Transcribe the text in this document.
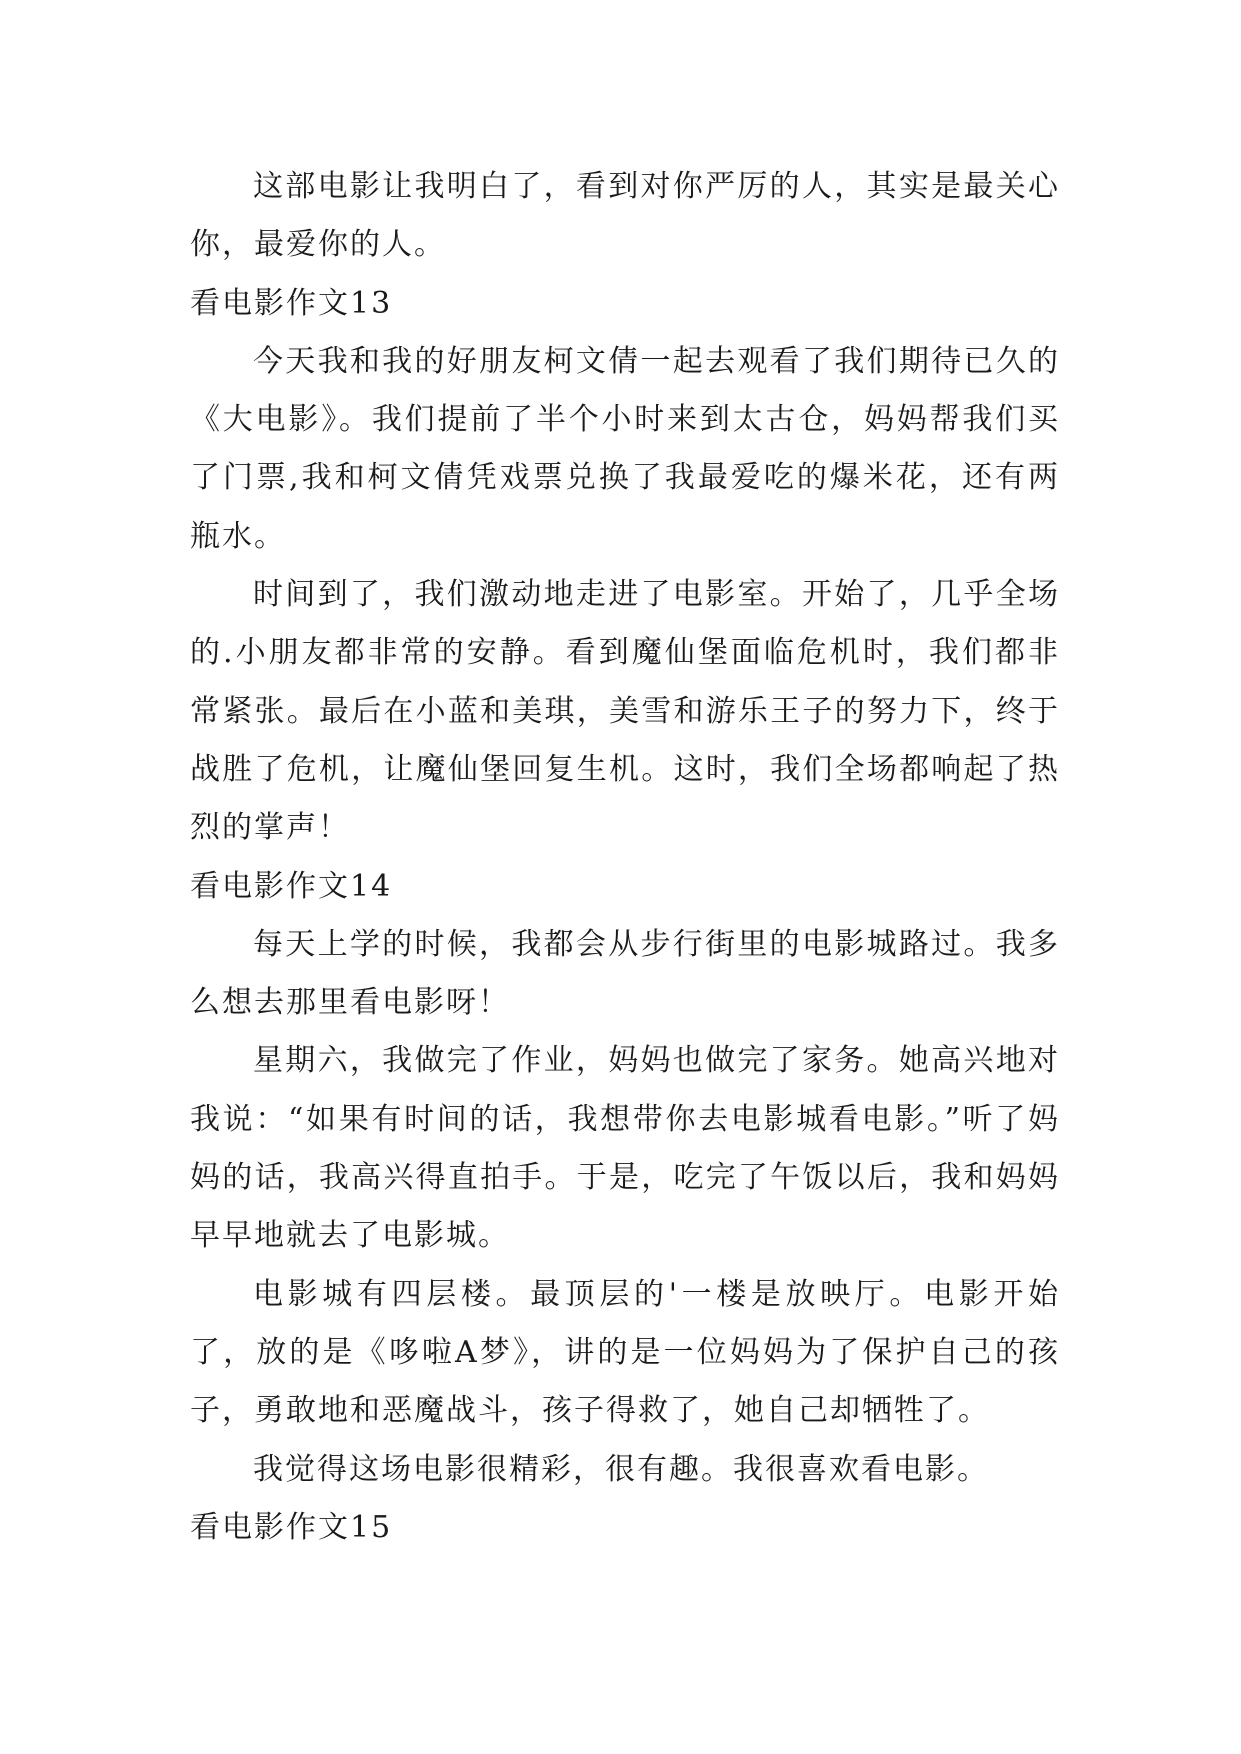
这部电影让我明白了，看到对你严厉的人，其实是最关心你，最爱你的人。

看电影作文13

今天我和我的好朋友柯文倩一起去观看了我们期待已久的《大电影》。我们提前了半个小时来到太古仓，妈妈帮我们买了门票,我和柯文倩凭戏票兑换了我最爱吃的爆米花，还有两瓶水。

时间到了，我们激动地走进了电影室。开始了，几乎全场的.小朋友都非常的安静。看到魔仙堡面临危机时，我们都非常紧张。最后在小蓝和美琪，美雪和游乐王子的努力下，终于战胜了危机，让魔仙堡回复生机。这时，我们全场都响起了热烈的掌声！

看电影作文14

每天上学的时候，我都会从步行街里的电影城路过。我多么想去那里看电影呀！

星期六，我做完了作业，妈妈也做完了家务。她高兴地对我说：“如果有时间的话，我想带你去电影城看电影。”听了妈妈的话，我高兴得直拍手。于是，吃完了午饭以后，我和妈妈早早地就去了电影城。

电影城有四层楼。最顶层的'一楼是放映厅。电影开始了，放的是《哆啦A梦》，讲的是一位妈妈为了保护自己的孩子，勇敢地和恶魔战斗，孩子得救了，她自己却牺牲了。

我觉得这场电影很精彩，很有趣。我很喜欢看电影。

看电影作文15
